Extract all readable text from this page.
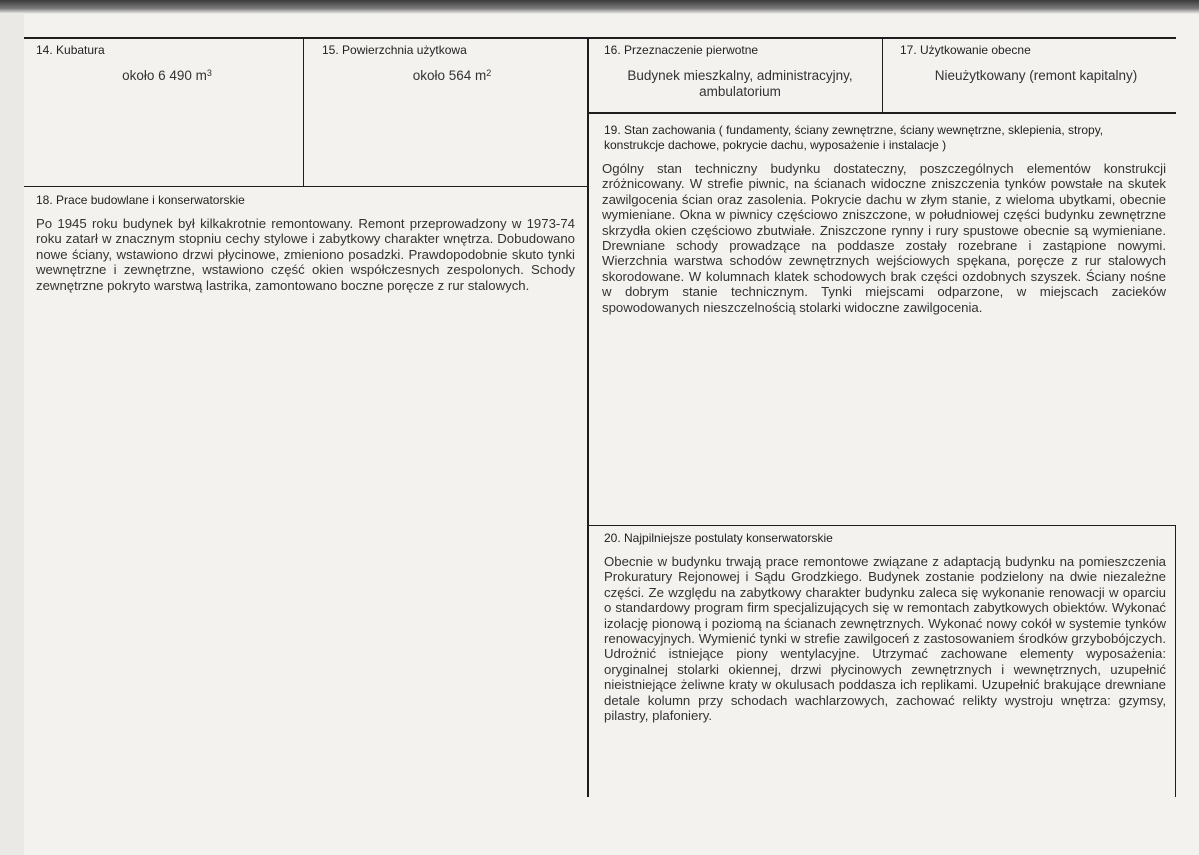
14. Kubatura
około 6 490 $m^3$
15. Powierzchnia użytkowa
około 564 $m^2$
16. Przeznaczenie pierwotne
Budynek mieszkalny, administracyjny, ambulatorium
17. Użytkowanie obecne
Nieużytkowany (remont kapitalny)
18. Prace budowlane i konserwatorskie
Po 1945 roku budynek był kilkakrotnie remontowany. Remont przeprowadzony w 1973-74 roku zatarł w znacznym stopniu cechy stylowe i zabytkowy charakter wnętrza. Dobudowano nowe ściany, wstawiono drzwi płycinowe, zmieniono posadzki. Prawdopodobnie skuto tynki wewnętrzne i zewnętrzne, wstawiono część okien współczesnych zespolonych. Schody zewnętrzne pokryto warstwą lastrika, zamontowano boczne poręcze z rur stalowych.
19. Stan zachowania ( fundamenty, ściany zewnętrzne, ściany wewnętrzne, sklepienia, stropy, konstrukcje dachowe, pokrycie dachu, wyposażenie i instalacje )
Ogólny stan techniczny budynku dostateczny, poszczególnych elementów konstrukcji zróżnicowany. W strefie piwnic, na ścianach widoczne zniszczenia tynków powstałe na skutek zawilgocenia ścian oraz zasolenia. Pokrycie dachu w złym stanie, z wieloma ubytkami, obecnie wymieniane. Okna w piwnicy częściowo zniszczone, w południowej części budynku zewnętrzne skrzydła okien częściowo zbutwiałe. Zniszczone rynny i rury spustowe obecnie są wymieniane. Drewniane schody prowadzące na poddasze zostały rozebrane i zastąpione nowymi. Wierzchnia warstwa schodów zewnętrznych wejściowych spękana, poręcze z rur stalowych skorodowane. W kolumnach klatek schodowych brak części ozdobnych szyszek. Ściany nośne w dobrym stanie technicznym. Tynki miejscami odparzone, w miejscach zacieków spowodowanych nieszczelnością stolarki widoczne zawilgocenia.
20. Najpilniejsze postulaty konserwatorskie
Obecnie w budynku trwają prace remontowe związane z adaptacją budynku na pomieszczenia Prokuratury Rejonowej i Sądu Grodzkiego. Budynek zostanie podzielony na dwie niezależne części. Ze względu na zabytkowy charakter budynku zaleca się wykonanie renowacji w oparciu o standardowy program firm specjalizujących się w remontach zabytkowych obiektów. Wykonać izolację pionową i poziomą na ścianach zewnętrznych. Wykonać nowy cokół w systemie tynków renowacyjnych. Wymienić tynki w strefie zawilgoceń z zastosowaniem środków grzybobójczych. Udrożnić istniejące piony wentylacyjne. Utrzymać zachowane elementy wyposażenia: oryginalnej stolarki okiennej, drzwi płycinowych zewnętrznych i wewnętrznych, uzupełnić nieistniejące żeliwne kraty w okulusach poddasza ich replikami. Uzupełnić brakujące drewniane detale kolumn przy schodach wachlarzowych, zachować relikty wystroju wnętrza: gzymsy, pilastry, plafoniery.
